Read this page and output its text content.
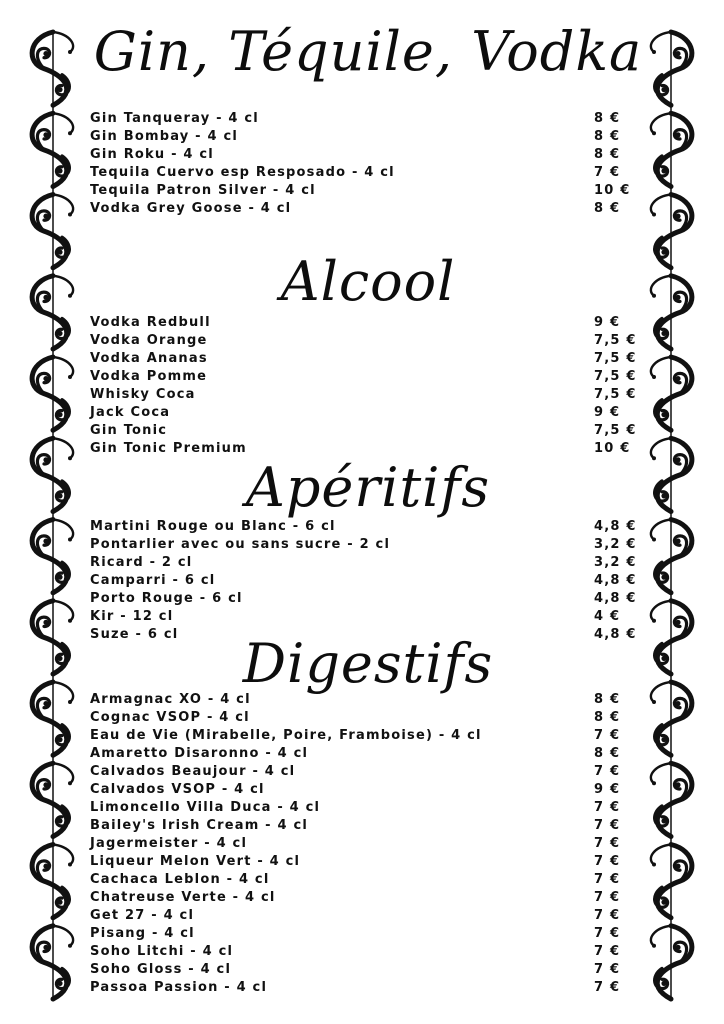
Gin, Téquile, Vodka
Gin Tanqueray - 4 cl	8 €
Gin Bombay - 4 cl	8 €
Gin Roku - 4 cl	8 €
Tequila Cuervo esp Resposado - 4 cl	7 €
Tequila Patron Silver - 4 cl	10 €
Vodka Grey Goose - 4 cl	8 €
Alcool
Vodka Redbull	9 €
Vodka Orange	7,5 €
Vodka Ananas	7,5 €
Vodka Pomme	7,5 €
Whisky Coca	7,5 €
Jack Coca	9 €
Gin Tonic	7,5 €
Gin Tonic Premium	10 €
Apéritifs
Martini Rouge ou Blanc - 6 cl	4,8 €
Pontarlier avec ou sans sucre - 2 cl	3,2 €
Ricard - 2 cl	3,2 €
Camparri - 6 cl	4,8 €
Porto Rouge - 6 cl	4,8 €
Kir - 12 cl	4 €
Suze - 6 cl	4,8 €
Digestifs
Armagnac XO - 4 cl	8 €
Cognac VSOP - 4 cl	8 €
Eau de Vie (Mirabelle, Poire, Framboise) - 4 cl	7 €
Amaretto Disaronno - 4 cl	8 €
Calvados Beaujour - 4 cl	7 €
Calvados VSOP - 4 cl	9 €
Limoncello Villa Duca - 4 cl	7 €
Bailey's Irish Cream - 4 cl	7 €
Jagermeister - 4 cl	7 €
Liqueur Melon Vert - 4 cl	7 €
Cachaca Leblon - 4 cl	7 €
Chatreuse Verte - 4 cl	7 €
Get 27 - 4 cl	7 €
Pisang - 4 cl	7 €
Soho Litchi - 4 cl	7 €
Soho Gloss - 4 cl	7 €
Passoa Passion - 4 cl	7 €
